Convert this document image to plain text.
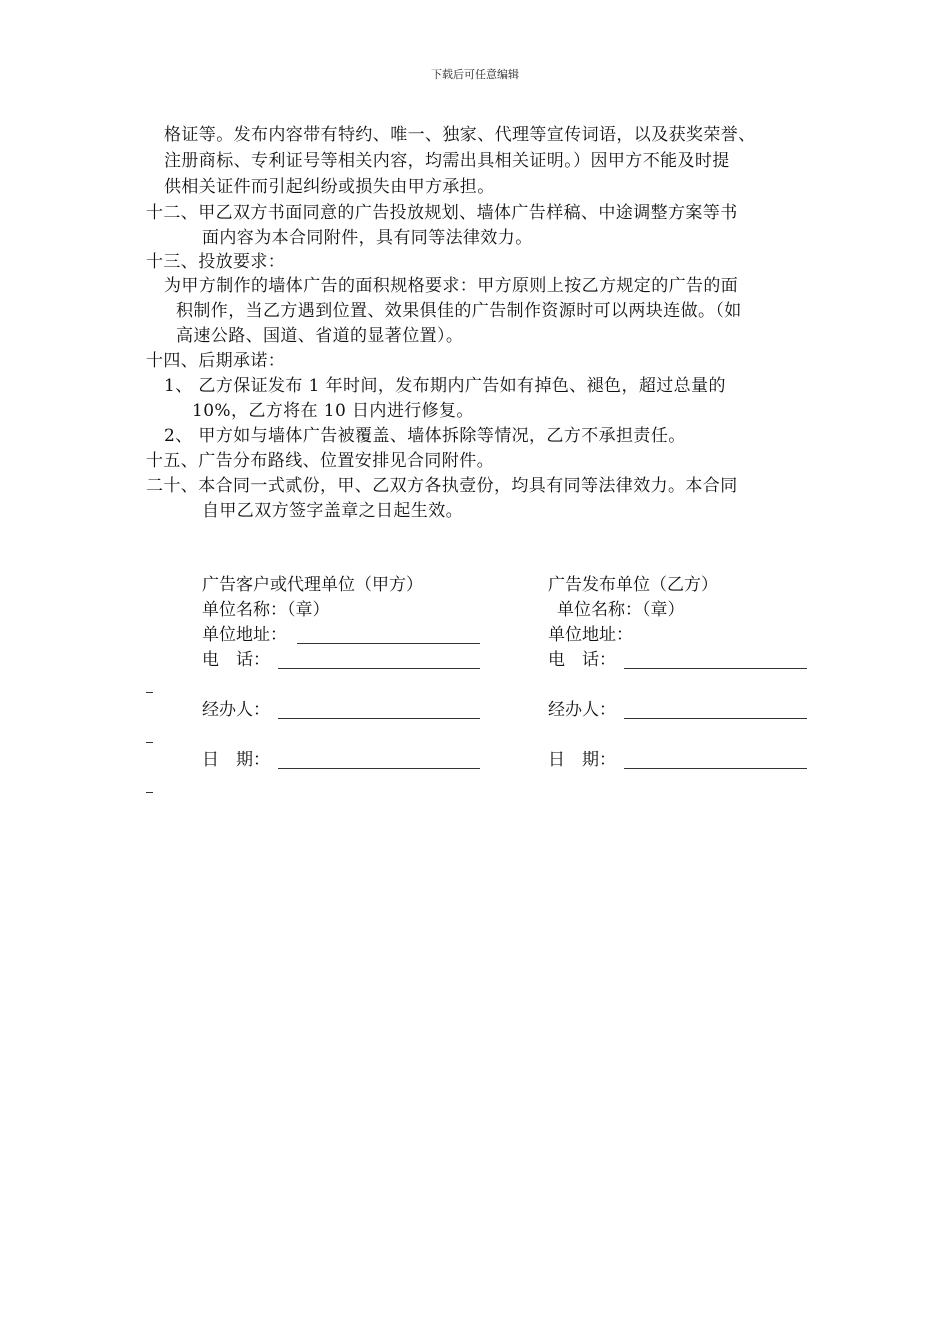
下载后可任意编辑
格证等。发布内容带有特约、唯一、独家、代理等宣传词语，以及获奖荣誉、
注册商标、专利证号等相关内容，均需出具相关证明。）因甲方不能及时提
供相关证件而引起纠纷或损失由甲方承担。
十二、甲乙双方书面同意的广告投放规划、墙体广告样稿、中途调整方案等书
面内容为本合同附件，具有同等法律效力。
十三、投放要求：
为甲方制作的墙体广告的面积规格要求：甲方原则上按乙方规定的广告的面
积制作，当乙方遇到位置、效果俱佳的广告制作资源时可以两块连做。（如
高速公路、国道、省道的显著位置）。
十四、后期承诺：
1、 乙方保证发布 1 年时间，发布期内广告如有掉色、褪色，超过总量的
10%，乙方将在 10 日内进行修复。
2、 甲方如与墙体广告被覆盖、墙体拆除等情况，乙方不承担责任。
十五、广告分布路线、位置安排见合同附件。
二十、本合同一式贰份，甲、乙双方各执壹份，均具有同等法律效力。本合同
自甲乙双方签字盖章之日起生效。
广告客户或代理单位（甲方）
单位名称：（章）
单位地址：
电　话：
经办人：
日　期：
广告发布单位（乙方）
单位名称：（章）
单位地址：
电　话：
经办人：
日　期：
